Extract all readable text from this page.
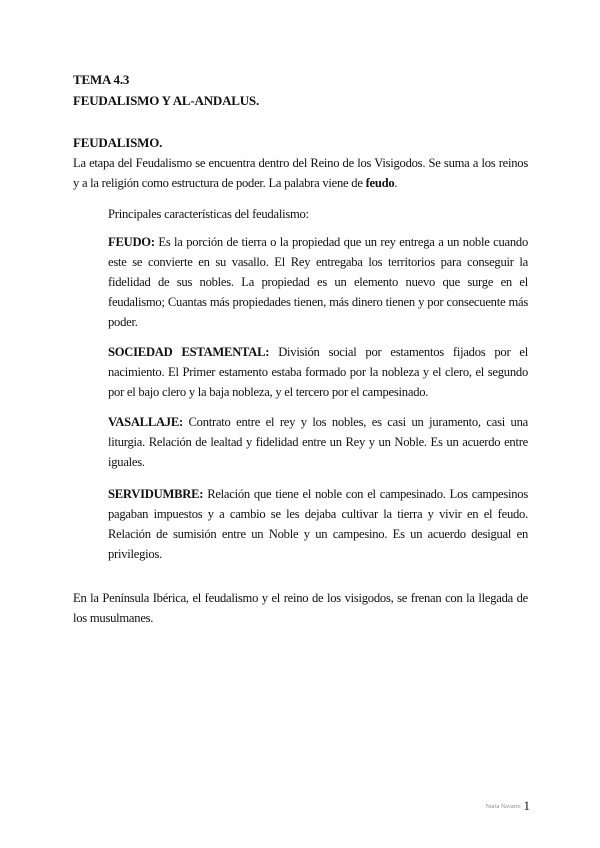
TEMA 4.3

FEUDALISMO Y AL-ANDALUS.

FEUDALISMO.

La etapa del Feudalismo se encuentra dentro del Reino de los Visigodos. Se suma a los reinos y a la religión como estructura de poder. La palabra viene de feudo.

Principales características del feudalismo:

FEUDO: Es la porción de tierra o la propiedad que un rey entrega a un noble cuando este se convierte en su vasallo. El Rey entregaba los territorios para conseguir la fidelidad de sus nobles. La propiedad es un elemento nuevo que surge en el feudalismo; Cuantas más propiedades tienen, más dinero tienen y por consecuente más poder.

SOCIEDAD ESTAMENTAL: División social por estamentos fijados por el nacimiento. El Primer estamento estaba formado por la nobleza y el clero, el segundo por el bajo clero y la baja nobleza, y el tercero por el campesinado.

VASALLAJE: Contrato entre el rey y los nobles, es casi un juramento, casi una liturgia. Relación de lealtad y fidelidad entre un Rey y un Noble. Es un acuerdo entre iguales.

SERVIDUMBRE: Relación que tiene el noble con el campesinado. Los campesinos pagaban impuestos y a cambio se les dejaba cultivar la tierra y vivir en el feudo. Relación de sumisión entre un Noble y un campesino. Es un acuerdo desigual en privilegios.

En la Península Ibérica, el feudalismo y el reino de los visigodos, se frenan con la llegada de los musulmanes.

Nuria Navarro 1
